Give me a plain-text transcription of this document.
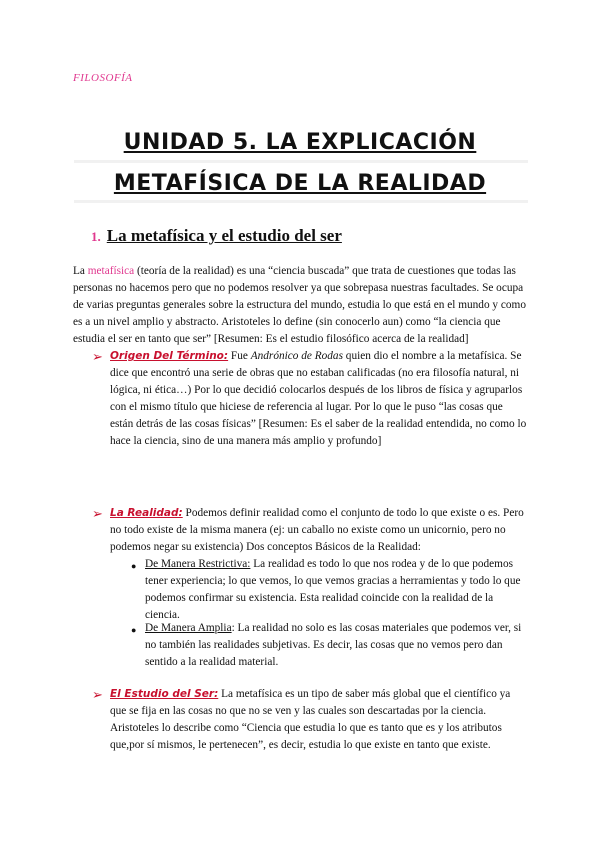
FILOSOFÍA
UNIDAD 5. LA EXPLICACIÓN
METAFÍSICA DE LA REALIDAD
1. La metafísica y el estudio del ser

La metafísica (teoría de la realidad) es una “ciencia buscada” que trata de cuestiones que todas las personas no hacemos pero que no podemos resolver ya que sobrepasa nuestras facultades. Se ocupa de varias preguntas generales sobre la estructura del mundo, estudia lo que está en el mundo y como es a un nivel amplio y abstracto. Aristoteles lo define (sin conocerlo aun) como “la ciencia que estudia el ser en tanto que ser” [Resumen: Es el estudio filosófico acerca de la realidad]

➢ Origen Del Término: Fue Andrónico de Rodas quien dio el nombre a la metafísica. Se dice que encontró una serie de obras que no estaban calificadas (no era filosofía natural, ni lógica, ni ética…) Por lo que decidió colocarlos después de los libros de física y agruparlos con el mismo título que hiciese de referencia al lugar. Por lo que le puso “las cosas que están detrás de las cosas físicas” [Resumen: Es el saber de la realidad entendida, no como lo hace la ciencia, sino de una manera más amplio y profundo]

➢ La Realidad: Podemos definir realidad como el conjunto de todo lo que existe o es. Pero no todo existe de la misma manera (ej: un caballo no existe como un unicornio, pero no podemos negar su existencia) Dos conceptos Básicos de la Realidad:

● De Manera Restrictiva: La realidad es todo lo que nos rodea y de lo que podemos tener experiencia; lo que vemos, lo que vemos gracias a herramientas y todo lo que podemos confirmar su existencia. Esta realidad coincide con la realidad de la ciencia.

● De Manera Amplia: La realidad no solo es las cosas materiales que podemos ver, si no también las realidades subjetivas. Es decir, las cosas que no vemos pero dan sentido a la realidad material.

➢ El Estudio del Ser: La metafísica es un tipo de saber más global que el científico ya que se fija en las cosas no que no se ven y las cuales son descartadas por la ciencia. Aristoteles lo describe como “Ciencia que estudia lo que es tanto que es y los atributos que,por sí mismos, le pertenecen”, es decir, estudia lo que existe en tanto que existe.
